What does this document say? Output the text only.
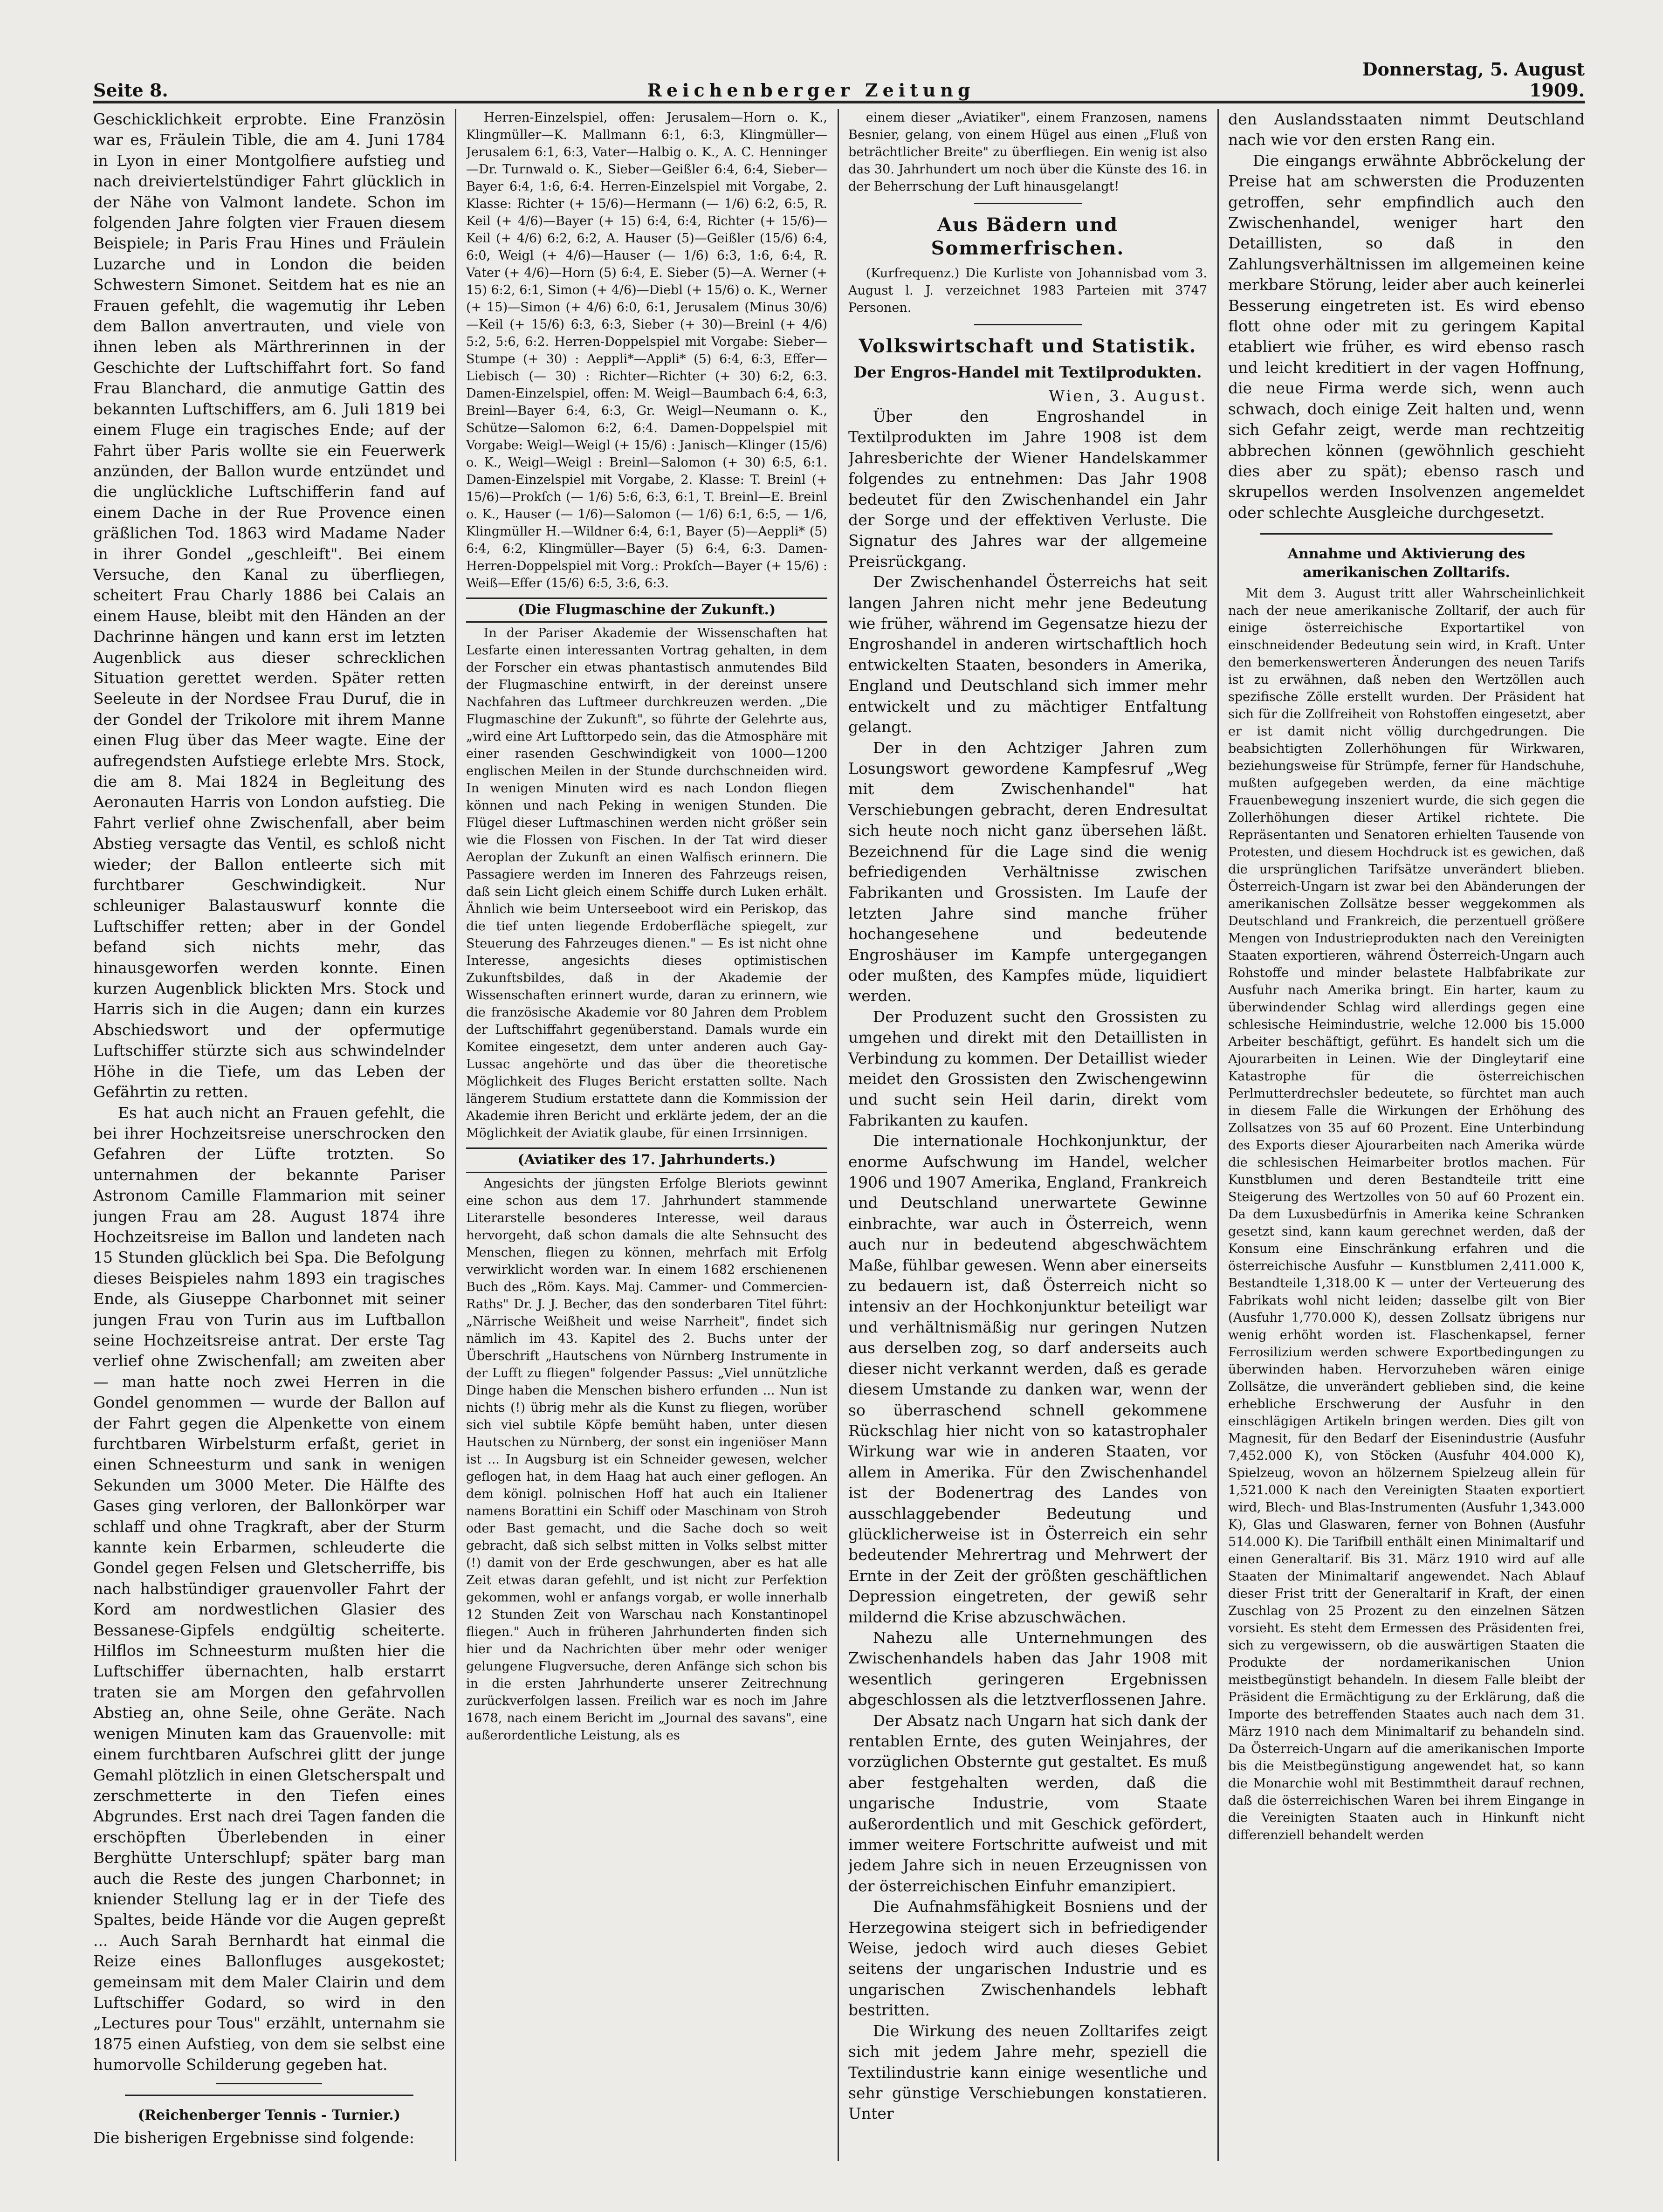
Seite 8.	Reichenberger Zeitung
Donnerstag, 5. August 1909.

Geschicklichkeit erprobte. Eine Französin war es, Fräulein Tible, die am 4. Juni 1784 in Lyon in einer Montgolfiere aufstieg und nach dreiviertelstündiger Fahrt glücklich in der Nähe von Valmont landete. Schon im folgenden Jahre folgten vier Frauen diesem Beispiele; in Paris Frau Hines und Fräulein Luzarche und in London die beiden Schwestern Simonet. Seitdem hat es nie an Frauen gefehlt, die wagemutig ihr Leben dem Ballon anvertrauten, und viele von ihnen leben als Märthrerinnen in der Geschichte der Luftschiffahrt fort. So fand Frau Blanchard, die anmutige Gattin des bekannten Luftschiffers, am 6. Juli 1819 bei einem Fluge ein tragisches Ende; auf der Fahrt über Paris wollte sie ein Feuerwerk anzünden, der Ballon wurde entzündet und die unglückliche Luftschifferin fand auf einem Dache in der Rue Provence einen gräßlichen Tod. 1863 wird Madame Nader in ihrer Gondel „geschleift". Bei einem Versuche, den Kanal zu überfliegen, scheitert Frau Charly 1886 bei Calais an einem Hause, bleibt mit den Händen an der Dachrinne hängen und kann erst im letzten Augenblick aus dieser schrecklichen Situation gerettet werden. Später retten Seeleute in der Nordsee Frau Duruf, die in der Gondel der Trikolore mit ihrem Manne einen Flug über das Meer wagte. Eine der aufregendsten Aufstiege erlebte Mrs. Stock, die am 8. Mai 1824 in Begleitung des Aeronauten Harris von London aufstieg. Die Fahrt verlief ohne Zwischenfall, aber beim Abstieg versagte das Ventil, es schloß nicht wieder; der Ballon entleerte sich mit furchtbarer Geschwindigkeit. Nur schleuniger Balastauswurf konnte die Luftschiffer retten; aber in der Gondel befand sich nichts mehr, das hinausgeworfen werden konnte. Einen kurzen Augenblick blickten Mrs. Stock und Harris sich in die Augen; dann ein kurzes Abschiedswort und der opfermutige Luftschiffer stürzte sich aus schwindelnder Höhe in die Tiefe, um das Leben der Gefährtin zu retten.

Es hat auch nicht an Frauen gefehlt, die bei ihrer Hochzeitsreise unerschrocken den Gefahren der Lüfte trotzten. So unternahmen der bekannte Pariser Astronom Camille Flammarion mit seiner jungen Frau am 28. August 1874 ihre Hochzeitsreise im Ballon und landeten nach 15 Stunden glücklich bei Spa. Die Befolgung dieses Beispieles nahm 1893 ein tragisches Ende, als Giuseppe Charbonnet mit seiner jungen Frau von Turin aus im Luftballon seine Hochzeitsreise antrat. Der erste Tag verlief ohne Zwischenfall; am zweiten aber — man hatte noch zwei Herren in die Gondel genommen — wurde der Ballon auf der Fahrt gegen die Alpenkette von einem furchtbaren Wirbelsturm erfaßt, geriet in einen Schneesturm und sank in wenigen Sekunden um 3000 Meter. Die Hälfte des Gases ging verloren, der Ballonkörper war schlaff und ohne Tragkraft, aber der Sturm kannte kein Erbarmen, schleuderte die Gondel gegen Felsen und Gletscherriffe, bis nach halbstündiger grauenvoller Fahrt der Kord am nordwestlichen Glasier des Bessanese-Gipfels endgültig scheiterte. Hilflos im Schneesturm mußten hier die Luftschiffer übernachten, halb erstarrt traten sie am Morgen den gefahrvollen Abstieg an, ohne Seile, ohne Geräte. Nach wenigen Minuten kam das Grauenvolle: mit einem furchtbaren Aufschrei glitt der junge Gemahl plötzlich in einen Gletscherspalt und zerschmetterte in den Tiefen eines Abgrundes. Erst nach drei Tagen fanden die erschöpften Überlebenden in einer Berghütte Unterschlupf; später barg man auch die Reste des jungen Charbonnet; in kniender Stellung lag er in der Tiefe des Spaltes, beide Hände vor die Augen gepreßt ... Auch Sarah Bernhardt hat einmal die Reize eines Ballonfluges ausgekostet; gemeinsam mit dem Maler Clairin und dem Luftschiffer Godard, so wird in den „Lectures pour Tous" erzählt, unternahm sie 1875 einen Aufstieg, von dem sie selbst eine humorvolle Schilderung gegeben hat.

(Reichenberger Tennis - Turnier.)

Die bisherigen Ergebnisse sind folgende:

Herren-Einzelspiel, offen: Jerusalem—Horn o. K., Klingmüller—K. Mallmann 6:1, 6:3, Klingmüller—Jerusalem 6:1, 6:3, Vater—Halbig o. K., A. C. Henninger—Dr. Turnwald o. K., Sieber—Geißler 6:4, 6:4, Sieber—Bayer 6:4, 1:6, 6:4. Herren-Einzelspiel mit Vorgabe, 2. Klasse: Richter (+ 15/6)—Hermann (— 1/6) 6:2, 6:5, R. Keil (+ 4/6)—Bayer (+ 15) 6:4, 6:4, Richter (+ 15/6)—Keil (+ 4/6) 6:2, 6:2, A. Hauser (5)—Geißler (15/6) 6:4, 6:0, Weigl (+ 4/6)—Hauser (— 1/6) 6:3, 1:6, 6:4, R. Vater (+ 4/6)—Horn (5) 6:4, E. Sieber (5)—A. Werner (+ 15) 6:2, 6:1, Simon (+ 4/6)—Diebl (+ 15/6) o. K., Werner (+ 15)—Simon (+ 4/6) 6:0, 6:1, Jerusalem (Minus 30/6)—Keil (+ 15/6) 6:3, 6:3, Sieber (+ 30)—Breinl (+ 4/6) 5:2, 5:6, 6:2. Herren-Doppelspiel mit Vorgabe: Sieber—Stumpe (+ 30) : Aeppli*—Appli* (5) 6:4, 6:3, Effer—Liebisch (— 30) : Richter—Richter (+ 30) 6:2, 6:3. Damen-Einzelspiel, offen: M. Weigl—Baumbach 6:4, 6:3, Breinl—Bayer 6:4, 6:3, Gr. Weigl—Neumann o. K., Schütze—Salomon 6:2, 6:4. Damen-Doppelspiel mit Vorgabe: Weigl—Weigl (+ 15/6) : Janisch—Klinger (15/6) o. K., Weigl—Weigl : Breinl—Salomon (+ 30) 6:5, 6:1. Damen-Einzelspiel mit Vorgabe, 2. Klasse: T. Breinl (+ 15/6)—Prokſch (— 1/6) 5:6, 6:3, 6:1, T. Breinl—E. Breinl o. K., Hauser (— 1/6)—Salomon (— 1/6) 6:1, 6:5, — 1/6, Klingmüller H.—Wildner 6:4, 6:1, Bayer (5)—Aeppli* (5) 6:4, 6:2, Klingmüller—Bayer (5) 6:4, 6:3. Damen-Herren-Doppelspiel mit Vorg.: Prokſch—Bayer (+ 15/6) : Weiß—Effer (15/6) 6:5, 3:6, 6:3.

(Die Flugmaschine der Zukunft.)

In der Pariser Akademie der Wissenschaften hat Lesfarte einen interessanten Vortrag gehalten, in dem der Forscher ein etwas phantastisch anmutendes Bild der Flugmaschine entwirft, in der dereinst unsere Nachfahren das Luftmeer durchkreuzen werden. „Die Flugmaschine der Zukunft", so führte der Gelehrte aus, „wird eine Art Lufttorpedo sein, das die Atmosphäre mit einer rasenden Geschwindigkeit von 1000—1200 englischen Meilen in der Stunde durchschneiden wird. In wenigen Minuten wird es nach London fliegen können und nach Peking in wenigen Stunden. Die Flügel dieser Luftmaschinen werden nicht größer sein wie die Flossen von Fischen. In der Tat wird dieser Aeroplan der Zukunft an einen Walfisch erinnern. Die Passagiere werden im Inneren des Fahrzeugs reisen, daß sein Licht gleich einem Schiffe durch Luken erhält. Ähnlich wie beim Unterseeboot wird ein Periskop, das die tief unten liegende Erdoberfläche spiegelt, zur Steuerung des Fahrzeuges dienen." — Es ist nicht ohne Interesse, angesichts dieses optimistischen Zukunftsbildes, daß in der Akademie der Wissenschaften erinnert wurde, daran zu erinnern, wie die französische Akademie vor 80 Jahren dem Problem der Luftschiffahrt gegenüberstand. Damals wurde ein Komitee eingesetzt, dem unter anderen auch Gay-Lussac angehörte und das über die theoretische Möglichkeit des Fluges Bericht erstatten sollte. Nach längerem Studium erstattete dann die Kommission der Akademie ihren Bericht und erklärte jedem, der an die Möglichkeit der Aviatik glaube, für einen Irrsinnigen.

(Aviatiker des 17. Jahrhunderts.)

Angesichts der jüngsten Erfolge Bleriots gewinnt eine schon aus dem 17. Jahrhundert stammende Literarstelle besonderes Interesse, weil daraus hervorgeht, daß schon damals die alte Sehnsucht des Menschen, fliegen zu können, mehrfach mit Erfolg verwirklicht worden war. In einem 1682 erschienenen Buch des „Röm. Kays. Maj. Cammer- und Commercien-Raths" Dr. J. J. Becher, das den sonderbaren Titel führt: „Närrische Weißheit und weise Narrheit", findet sich nämlich im 43. Kapitel des 2. Buchs unter der Überschrift „Hautschens von Nürnberg Instrumente in der Lufft zu fliegen" folgender Passus: „Viel unnützliche Dinge haben die Menschen bishero erfunden ... Nun ist nichts (!) übrig mehr als die Kunst zu fliegen, worüber sich viel subtile Köpfe bemüht haben, unter diesen Hautschen zu Nürnberg, der sonst ein ingeniöser Mann ist ... In Augsburg ist ein Schneider gewesen, welcher geflogen hat, in dem Haag hat auch einer geflogen. An dem königl. polnischen Hoff hat auch ein Italiener namens Borattini ein Schiff oder Maschinam von Stroh oder Bast gemacht, und die Sache doch so weit gebracht, daß sich selbst mitten in Volks selbst mitter (!) damit von der Erde geschwungen, aber es hat alle Zeit etwas daran gefehlt, und ist nicht zur Perfektion gekommen, wohl er anfangs vorgab, er wolle innerhalb 12 Stunden Zeit von Warschau nach Konstantinopel fliegen." Auch in früheren Jahrhunderten finden sich hier und da Nachrichten über mehr oder weniger gelungene Flugversuche, deren Anfänge sich schon bis in die ersten Jahrhunderte unserer Zeitrechnung zurückverfolgen lassen. Freilich war es noch im Jahre 1678, nach einem Bericht im „Journal des savans", eine außerordentliche Leistung, als es

einem dieser „Aviatiker", einem Franzosen, namens Besnier, gelang, von einem Hügel aus einen „Fluß von beträchtlicher Breite" zu überfliegen. Ein wenig ist also das 30. Jahrhundert um noch über die Künste des 16. in der Beherrschung der Luft hinausgelangt!

Aus Bädern und Sommerfrischen.

(Kurfrequenz.) Die Kurliste von Johannisbad vom 3. August l. J. verzeichnet 1983 Parteien mit 3747 Personen.

Volkswirtschaft und Statistik.
Der Engros-Handel mit Textilprodukten.
Wien, 3. August.

Über den Engroshandel in Textilprodukten im Jahre 1908 ist dem Jahresberichte der Wiener Handelskammer folgendes zu entnehmen: Das Jahr 1908 bedeutet für den Zwischenhandel ein Jahr der Sorge und der effektiven Verluste. Die Signatur des Jahres war der allgemeine Preisrückgang.

Der Zwischenhandel Österreichs hat seit langen Jahren nicht mehr jene Bedeutung wie früher, während im Gegensatze hiezu der Engroshandel in anderen wirtschaftlich hoch entwickelten Staaten, besonders in Amerika, England und Deutschland sich immer mehr entwickelt und zu mächtiger Entfaltung gelangt.

Der in den Achtziger Jahren zum Losungswort gewordene Kampfesruf „Weg mit dem Zwischenhandel" hat Verschiebungen gebracht, deren Endresultat sich heute noch nicht ganz übersehen läßt. Bezeichnend für die Lage sind die wenig befriedigenden Verhältnisse zwischen Fabrikanten und Grossisten. Im Laufe der letzten Jahre sind manche früher hochangesehene und bedeutende Engroshäuser im Kampfe untergegangen oder mußten, des Kampfes müde, liquidiert werden.

Der Produzent sucht den Grossisten zu umgehen und direkt mit den Detaillisten in Verbindung zu kommen. Der Detaillist wieder meidet den Grossisten den Zwischengewinn und sucht sein Heil darin, direkt vom Fabrikanten zu kaufen.

Die internationale Hochkonjunktur, der enorme Aufschwung im Handel, welcher 1906 und 1907 Amerika, England, Frankreich und Deutschland unerwartete Gewinne einbrachte, war auch in Österreich, wenn auch nur in bedeutend abgeschwächtem Maße, fühlbar gewesen. Wenn aber einerseits zu bedauern ist, daß Österreich nicht so intensiv an der Hochkonjunktur beteiligt war und verhältnismäßig nur geringen Nutzen aus derselben zog, so darf anderseits auch dieser nicht verkannt werden, daß es gerade diesem Umstande zu danken war, wenn der so überraschend schnell gekommene Rückschlag hier nicht von so katastrophaler Wirkung war wie in anderen Staaten, vor allem in Amerika. Für den Zwischenhandel ist der Bodenertrag des Landes von ausschlaggebender Bedeutung und glücklicherweise ist in Österreich ein sehr bedeutender Mehrertrag und Mehrwert der Ernte in der Zeit der größten geschäftlichen Depression eingetreten, der gewiß sehr mildernd die Krise abzuschwächen.

Nahezu alle Unternehmungen des Zwischenhandels haben das Jahr 1908 mit wesentlich geringeren Ergebnissen abgeschlossen als die letztverflossenen Jahre.

Der Absatz nach Ungarn hat sich dank der rentablen Ernte, des guten Weinjahres, der vorzüglichen Obsternte gut gestaltet. Es muß aber festgehalten werden, daß die ungarische Industrie, vom Staate außerordentlich und mit Geschick gefördert, immer weitere Fortschritte aufweist und mit jedem Jahre sich in neuen Erzeugnissen von der österreichischen Einfuhr emanzipiert.

Die Aufnahmsfähigkeit Bosniens und der Herzegowina steigert sich in befriedigender Weise, jedoch wird auch dieses Gebiet seitens der ungarischen Industrie und es ungarischen Zwischenhandels lebhaft bestritten.

Die Wirkung des neuen Zolltarifes zeigt sich mit jedem Jahre mehr, speziell die Textilindustrie kann einige wesentliche und sehr günstige Verschiebungen konstatieren. Unter

den Auslandsstaaten nimmt Deutschland nach wie vor den ersten Rang ein.

Die eingangs erwähnte Abbröckelung der Preise hat am schwersten die Produzenten getroffen, sehr empfindlich auch den Zwischenhandel, weniger hart den Detaillisten, so daß in den Zahlungsverhältnissen im allgemeinen keine merkbare Störung, leider aber auch keinerlei Besserung eingetreten ist. Es wird ebenso flott ohne oder mit zu geringem Kapital etabliert wie früher, es wird ebenso rasch und leicht kreditiert in der vagen Hoffnung, die neue Firma werde sich, wenn auch schwach, doch einige Zeit halten und, wenn sich Gefahr zeigt, werde man rechtzeitig abbrechen können (gewöhnlich geschieht dies aber zu spät); ebenso rasch und skrupellos werden Insolvenzen angemeldet oder schlechte Ausgleiche durchgesetzt.

Annahme und Aktivierung des amerikanischen Zolltarifs.

Mit dem 3. August tritt aller Wahrscheinlichkeit nach der neue amerikanische Zolltarif, der auch für einige österreichische Exportartikel von einschneidender Bedeutung sein wird, in Kraft. Unter den bemerkenswerteren Änderungen des neuen Tarifs ist zu erwähnen, daß neben den Wertzöllen auch spezifische Zölle erstellt wurden. Der Präsident hat sich für die Zollfreiheit von Rohstoffen eingesetzt, aber er ist damit nicht völlig durchgedrungen. Die beabsichtigten Zollerhöhungen für Wirkwaren, beziehungsweise für Strümpfe, ferner für Handschuhe, mußten aufgegeben werden, da eine mächtige Frauenbewegung inszeniert wurde, die sich gegen die Zollerhöhungen dieser Artikel richtete. Die Repräsentanten und Senatoren erhielten Tausende von Protesten, und diesem Hochdruck ist es gewichen, daß die ursprünglichen Tarifsätze unverändert blieben. Österreich-Ungarn ist zwar bei den Abänderungen der amerikanischen Zollsätze besser weggekommen als Deutschland und Frankreich, die perzentuell größere Mengen von Industrieprodukten nach den Vereinigten Staaten exportieren, während Österreich-Ungarn auch Rohstoffe und minder belastete Halbfabrikate zur Ausfuhr nach Amerika bringt. Ein harter, kaum zu überwindender Schlag wird allerdings gegen eine schlesische Heimindustrie, welche 12.000 bis 15.000 Arbeiter beschäftigt, geführt. Es handelt sich um die Ajourarbeiten in Leinen. Wie der Dingleytarif eine Katastrophe für die österreichischen Perlmutterdrechsler bedeutete, so fürchtet man auch in diesem Falle die Wirkungen der Erhöhung des Zollsatzes von 35 auf 60 Prozent. Eine Unterbindung des Exports dieser Ajourarbeiten nach Amerika würde die schlesischen Heimarbeiter brotlos machen. Für Kunstblumen und deren Bestandteile tritt eine Steigerung des Wertzolles von 50 auf 60 Prozent ein. Da dem Luxusbedürfnis in Amerika keine Schranken gesetzt sind, kann kaum gerechnet werden, daß der Konsum eine Einschränkung erfahren und die österreichische Ausfuhr — Kunstblumen 2,411.000 K, Bestandteile 1,318.00 K — unter der Verteuerung des Fabrikats wohl nicht leiden; dasselbe gilt von Bier (Ausfuhr 1,770.000 K), dessen Zollsatz übrigens nur wenig erhöht worden ist. Flaschenkapsel, ferner Ferrosilizium werden schwere Exportbedingungen zu überwinden haben. Hervorzuheben wären einige Zollsätze, die unverändert geblieben sind, die keine erhebliche Erschwerung der Ausfuhr in den einschlägigen Artikeln bringen werden. Dies gilt von Magnesit, für den Bedarf der Eisenindustrie (Ausfuhr 7,452.000 K), von Stöcken (Ausfuhr 404.000 K), Spielzeug, wovon an hölzernem Spielzeug allein für 1,521.000 K nach den Vereinigten Staaten exportiert wird, Blech- und Blas-Instrumenten (Ausfuhr 1,343.000 K), Glas und Glaswaren, ferner von Bohnen (Ausfuhr 514.000 K). Die Tarifbill enthält einen Minimaltarif und einen Generaltarif. Bis 31. März 1910 wird auf alle Staaten der Minimaltarif angewendet. Nach Ablauf dieser Frist tritt der Generaltarif in Kraft, der einen Zuschlag von 25 Prozent zu den einzelnen Sätzen vorsieht. Es steht dem Ermessen des Präsidenten frei, sich zu vergewissern, ob die auswärtigen Staaten die Produkte der nordamerikanischen Union meistbegünstigt behandeln. In diesem Falle bleibt der Präsident die Ermächtigung zu der Erklärung, daß die Importe des betreffenden Staates auch nach dem 31. März 1910 nach dem Minimaltarif zu behandeln sind. Da Österreich-Ungarn auf die amerikanischen Importe bis die Meistbegünstigung angewendet hat, so kann die Monarchie wohl mit Bestimmtheit darauf rechnen, daß die österreichischen Waren bei ihrem Eingange in die Vereinigten Staaten auch in Hinkunft nicht differenziell behandelt werden
